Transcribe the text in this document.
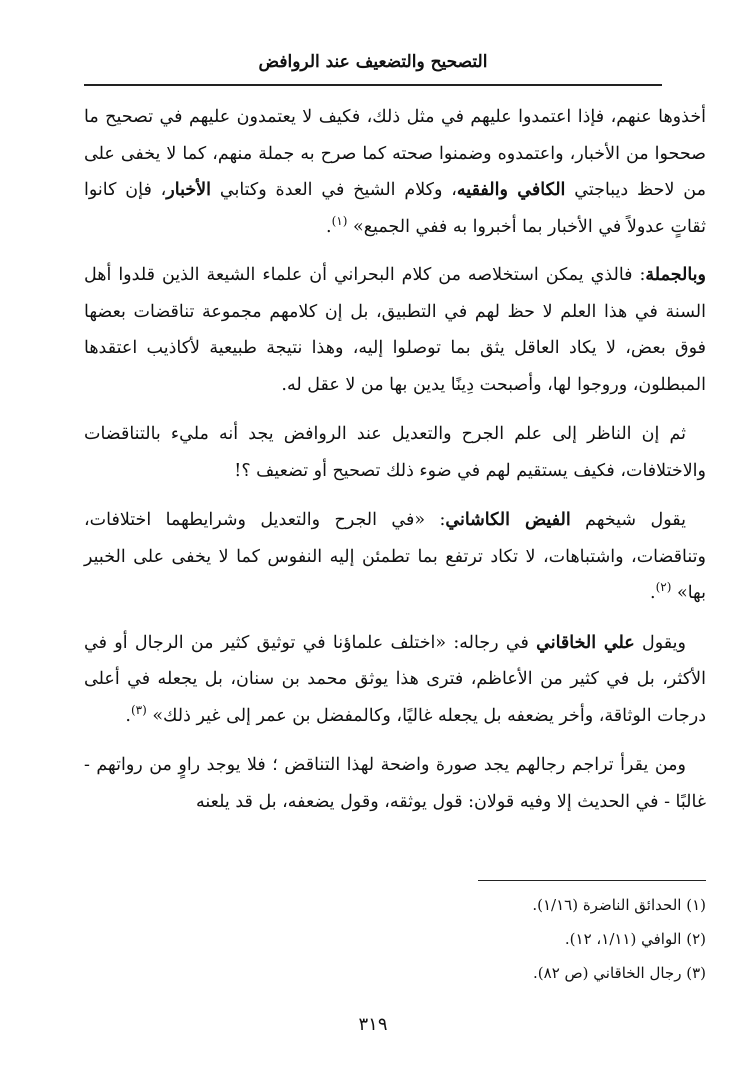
التصحيح والتضعيف عند الروافض

أخذوها عنهم، فإذا اعتمدوا عليهم في مثل ذلك، فكيف لا يعتمدون عليهم في تصحيح ما صححوا من الأخبار، واعتمدوه وضمنوا صحته كما صرح به جملة منهم، كما لا يخفى على من لاحظ ديباجتي الكافي والفقيه، وكلام الشيخ في العدة وكتابي الأخبار، فإن كانوا ثقاتٍ عدولاً في الأخبار بما أخبروا به ففي الجميع» $^{(١)}$.

وبالجملة: فالذي يمكن استخلاصه من كلام البحراني أن علماء الشيعة الذين قلدوا أهل السنة في هذا العلم لا حظ لهم في التطبيق، بل إن كلامهم مجموعة تناقضات بعضها فوق بعض، لا يكاد العاقل يثق بما توصلوا إليه، وهذا نتيجة طبيعية لأكاذيب اعتقدها المبطلون، وروجوا لها، وأصبحت دِينًا يدين بها من لا عقل له.

ثم إن الناظر إلى علم الجرح والتعديل عند الروافض يجد أنه مليء بالتناقضات والاختلافات، فكيف يستقيم لهم في ضوء ذلك تصحيح أو تضعيف ؟!

يقول شيخهم الفيض الكاشاني: «في الجرح والتعديل وشرايطهما اختلافات، وتناقضات، واشتباهات، لا تكاد ترتفع بما تطمئن إليه النفوس كما لا يخفى على الخبير بها» $^{(٢)}$.

ويقول علي الخاقاني في رجاله: «اختلف علماؤنا في توثيق كثير من الرجال أو في الأكثر، بل في كثير من الأعاظم، فترى هذا يوثق محمد بن سنان، بل يجعله في أعلى درجات الوثاقة، وأخر يضعفه بل يجعله غاليًا، وكالمفضل بن عمر إلى غير ذلك» $^{(٣)}$.

ومن يقرأ تراجم رجالهم يجد صورة واضحة لهذا التناقض ؛ فلا يوجد راوٍ من رواتهم - غالبًا - في الحديث إلا وفيه قولان: قول يوثقه، وقول يضعفه، بل قد يلعنه

(١) الحدائق الناضرة (١/١٦).
(٢) الوافي (١/١١، ١٢).
(٣) رجال الخاقاني (ص ٨٢).
٣١٩
